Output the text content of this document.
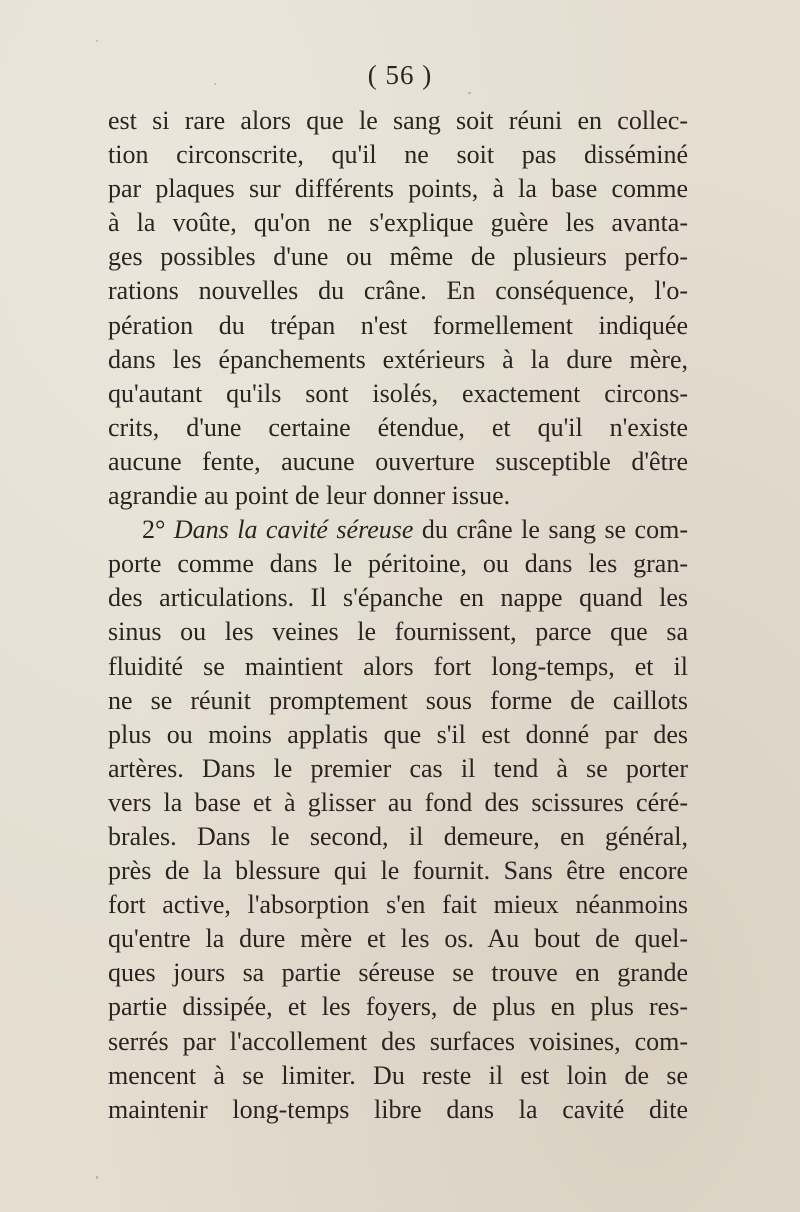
( 56 )
est si rare alors que le sang soit réuni en collec-
tion circonscrite, qu'il ne soit pas disséminé
par plaques sur différents points, à la base comme
à la voûte, qu'on ne s'explique guère les avanta-
ges possibles d'une ou même de plusieurs perfo-
rations nouvelles du crâne. En conséquence, l'o-
pération du trépan n'est formellement indiquée
dans les épanchements extérieurs à la dure mère,
qu'autant qu'ils sont isolés, exactement circons-
crits, d'une certaine étendue, et qu'il n'existe
aucune fente, aucune ouverture susceptible d'être
agrandie au point de leur donner issue.
2° Dans la cavité séreuse du crâne le sang se com-
porte comme dans le péritoine, ou dans les gran-
des articulations. Il s'épanche en nappe quand les
sinus ou les veines le fournissent, parce que sa
fluidité se maintient alors fort long-temps, et il
ne se réunit promptement sous forme de caillots
plus ou moins applatis que s'il est donné par des
artères. Dans le premier cas il tend à se porter
vers la base et à glisser au fond des scissures céré-
brales. Dans le second, il demeure, en général,
près de la blessure qui le fournit. Sans être encore
fort active, l'absorption s'en fait mieux néanmoins
qu'entre la dure mère et les os. Au bout de quel-
ques jours sa partie séreuse se trouve en grande
partie dissipée, et les foyers, de plus en plus res-
serrés par l'accollement des surfaces voisines, com-
mencent à se limiter. Du reste il est loin de se
maintenir long-temps libre dans la cavité dite
